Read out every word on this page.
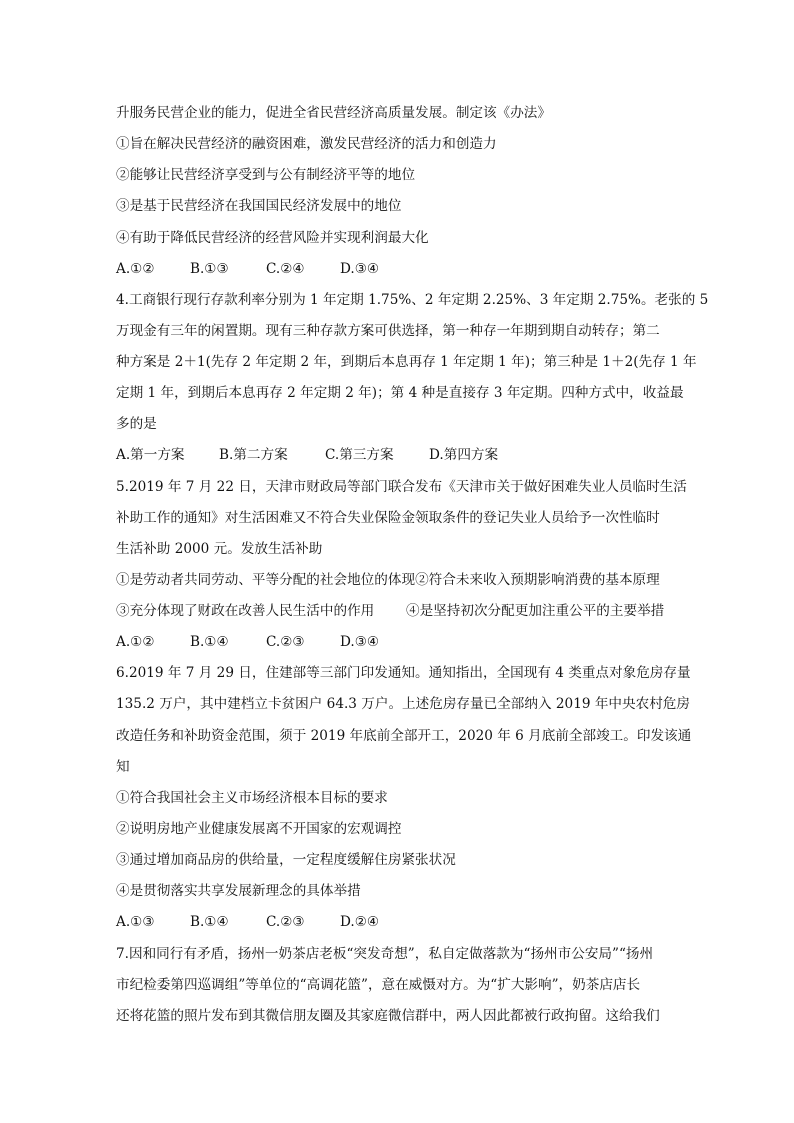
升服务民营企业的能力，促进全省民营经济高质量发展。制定该《办法》
①旨在解决民营经济的融资困难，激发民营经济的活力和创造力
②能够让民营经济享受到与公有制经济平等的地位
③是基于民营经济在我国国民经济发展中的地位
④有助于降低民营经济的经营风险并实现利润最大化
A.①②	B.①③	C.②④	D.③④
4.工商银行现行存款利率分别为 1 年定期 1.75%、2 年定期 2.25%、3 年定期 2.75%。老张的 5
万现金有三年的闲置期。现有三种存款方案可供选择，第一种存一年期到期自动转存；第二
种方案是 2＋1(先存 2 年定期 2 年，到期后本息再存 1 年定期 1 年)；第三种是 1＋2(先存 1 年
定期 1 年，到期后本息再存 2 年定期 2 年)；第 4 种是直接存 3 年定期。四种方式中，收益最
多的是
A.第一方案	B.第二方案	C.第三方案	D.第四方案
5.2019 年 7 月 22 日，天津市财政局等部门联合发布《天津市关于做好困难失业人员临时生活
补助工作的通知》对生活困难又不符合失业保险金领取条件的登记失业人员给予一次性临时
生活补助 2000 元。发放生活补助
①是劳动者共同劳动、平等分配的社会地位的体现②符合未来收入预期影响消费的基本原理
③充分体现了财政在改善人民生活中的作用 ④是坚持初次分配更加注重公平的主要举措
A.①②	B.①④	C.②③	D.③④
6.2019 年 7 月 29 日，住建部等三部门印发通知。通知指出，全国现有 4 类重点对象危房存量
135.2 万户，其中建档立卡贫困户 64.3 万户。上述危房存量已全部纳入 2019 年中央农村危房
改造任务和补助资金范围，须于 2019 年底前全部开工，2020 年 6 月底前全部竣工。印发该通
知
①符合我国社会主义市场经济根本目标的要求
②说明房地产业健康发展离不开国家的宏观调控
③通过增加商品房的供给量，一定程度缓解住房紧张状况
④是贯彻落实共享发展新理念的具体举措
A.①③	B.①④	C.②③	D.②④
7.因和同行有矛盾，扬州一奶茶店老板“突发奇想”，私自定做落款为“扬州市公安局”“扬州
市纪检委第四巡调组”等单位的“高调花篮”，意在威慑对方。为“扩大影响”，奶茶店店长
还将花篮的照片发布到其微信朋友圈及其家庭微信群中，两人因此都被行政拘留。这给我们
